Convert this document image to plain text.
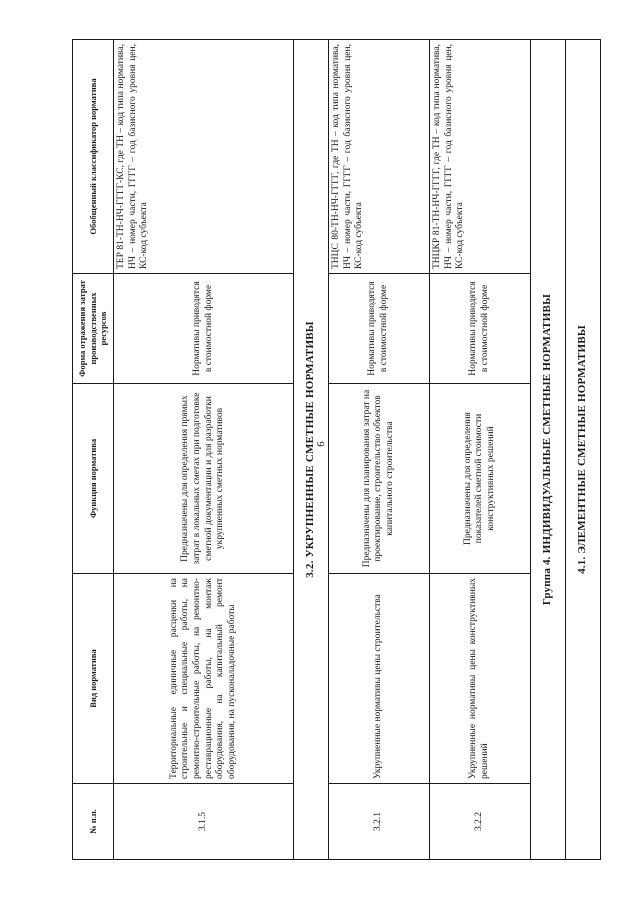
9
№ п.п.	Вид норматива	Функция норматива	Форма отражения затрат производственных ресурсов	Обобщенный классификатор норматива
3.1.5	Территориальные единичные расценки на строительные и специальные работы, на ремонтно-строительные работы, на ремонтно-реставрационные работы, на монтаж оборудования, на капитальный ремонт оборудования, на пусконаладочные работы	Предназначены для определения прямых затрат в локальных сметах при подготовке сметной документации и для разработки укрупненных сметных нормативов	Нормативы приводятся в стоимостной форме	ТЕР 81-ТН-НЧ-ГГГГ-КС, где ТН – код типа норматива, НЧ – номер части, ГГГГ – год базисного уровня цен, КС-код субъекта
3.2. УКРУПНЕННЫЕ СМЕТНЫЕ НОРМАТИВЫ				
3.2.1	Укрупненные нормативы цены строительства	Предназначены для планирования затрат на проектирование, строительство объектов капитального строительства	Нормативы приводятся в стоимостной форме	ТНЦС 80-ТН-НЧ-ГГГГ, где ТН – код типа норматива, НЧ – номер части, ГГГГ – год базисного уровня цен, КС-код субъекта
3.2.2	Укрупненные нормативы цены конструктивных решений	Предназначены для определения показателей сметной стоимости конструктивных решений	Нормативы приводятся в стоимостной форме	ТНЦКР 81-ТН-НЧ-ГГГГ, где ТН – код типа норматива, НЧ – номер части, ГГГГ – год базисного уровня цен, КС-код субъекта
Группа 4. ИНДИВИДУАЛЬНЫЕ СМЕТНЫЕ НОРМАТИВЫ				
4.1. ЭЛЕМЕНТНЫЕ СМЕТНЫЕ НОРМАТИВЫ				
